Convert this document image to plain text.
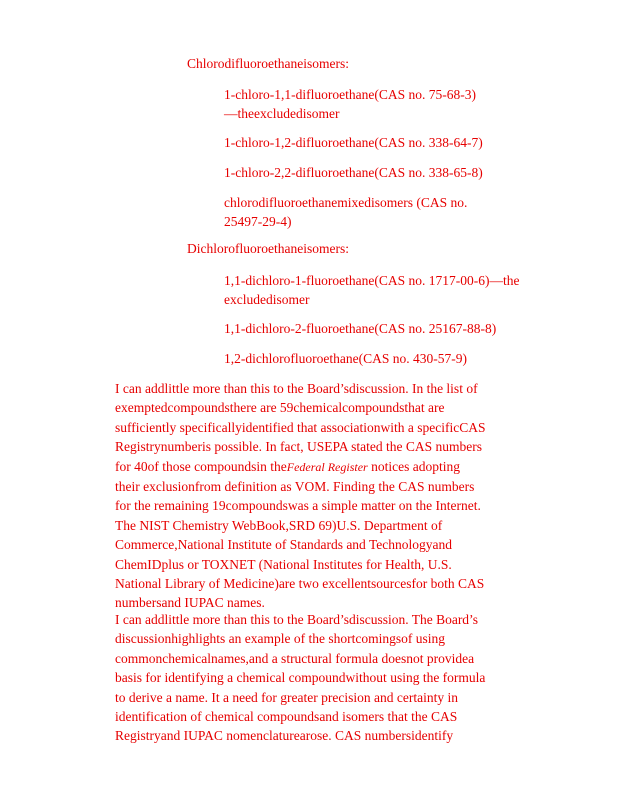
Chlorodifluoroethaneisomers:
1-chloro-1,1-difluoroethane(CAS no. 75-68-3)
—theexcludedisomer
1-chloro-1,2-difluoroethane(CAS no. 338-64-7)
1-chloro-2,2-difluoroethane(CAS no. 338-65-8)
chlorodifluoroethanemixedisomers (CAS no.
25497-29-4)
Dichlorofluoroethaneisomers:
1,1-dichloro-1-fluoroethane(CAS no. 1717-00-6)—the
excludedisomer
1,1-dichloro-2-fluoroethane(CAS no. 25167-88-8)
1,2-dichlorofluoroethane(CAS no. 430-57-9)

I can addlittle more than this to the Board’sdiscussion. In the list of
exemptedcompoundsthere are 59chemicalcompoundsthat are
sufficiently specificallyidentified that associationwith a specificCAS
Registrynumberis possible. In fact, USEPA stated the CAS numbers
for 40of those compoundsin theFederal Register notices adopting
their exclusionfrom definition as VOM. Finding the CAS numbers
for the remaining 19compoundswas a simple matter on the Internet.
The NIST Chemistry WebBook,SRD 69)U.S. Department of
Commerce,National Institute of Standards and Technologyand
ChemIDplus or TOXNET (National Institutes for Health, U.S.
National Library of Medicine)are two excellentsourcesfor both CAS
numbersand IUPAC names.

I can addlittle more than this to the Board’sdiscussion. The Board’s
discussionhighlights an example of the shortcomingsof using
commonchemicalnames,and a structural formula doesnot providea
basis for identifying a chemical compoundwithout using the formula
to derive a name. It a need for greater precision and certainty in
identification of chemical compoundsand isomers that the CAS
Registryand IUPAC nomenclaturearose. CAS numbersidentify
